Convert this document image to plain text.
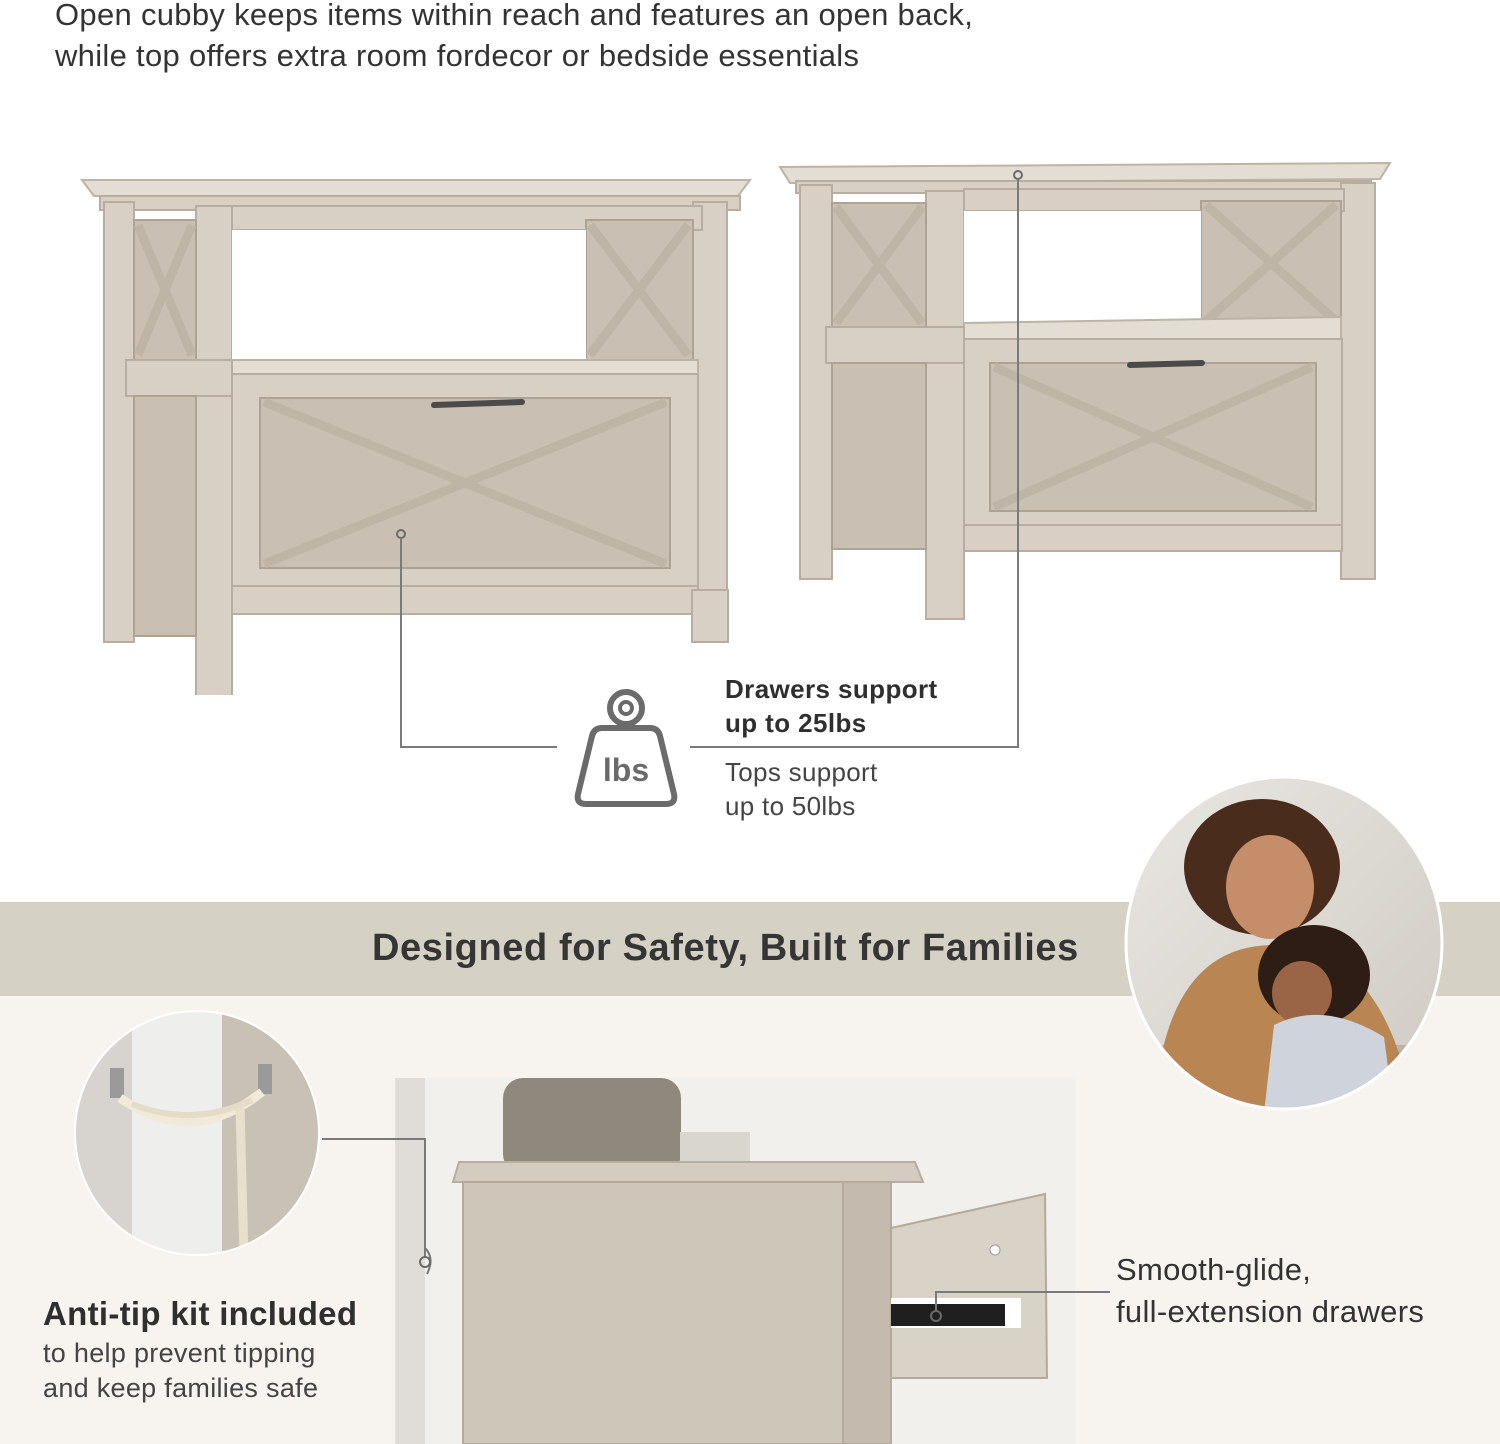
Open cubby keeps items within reach and features an open back,
while top offers extra room fordecor or bedside essentials
lbs
Drawers support
up to 25lbs
Tops support
up to 50lbs
Designed for Safety, Built for Families
Anti-tip kit included
to help prevent tipping
and keep families safe
Smooth-glide,
full-extension drawers
